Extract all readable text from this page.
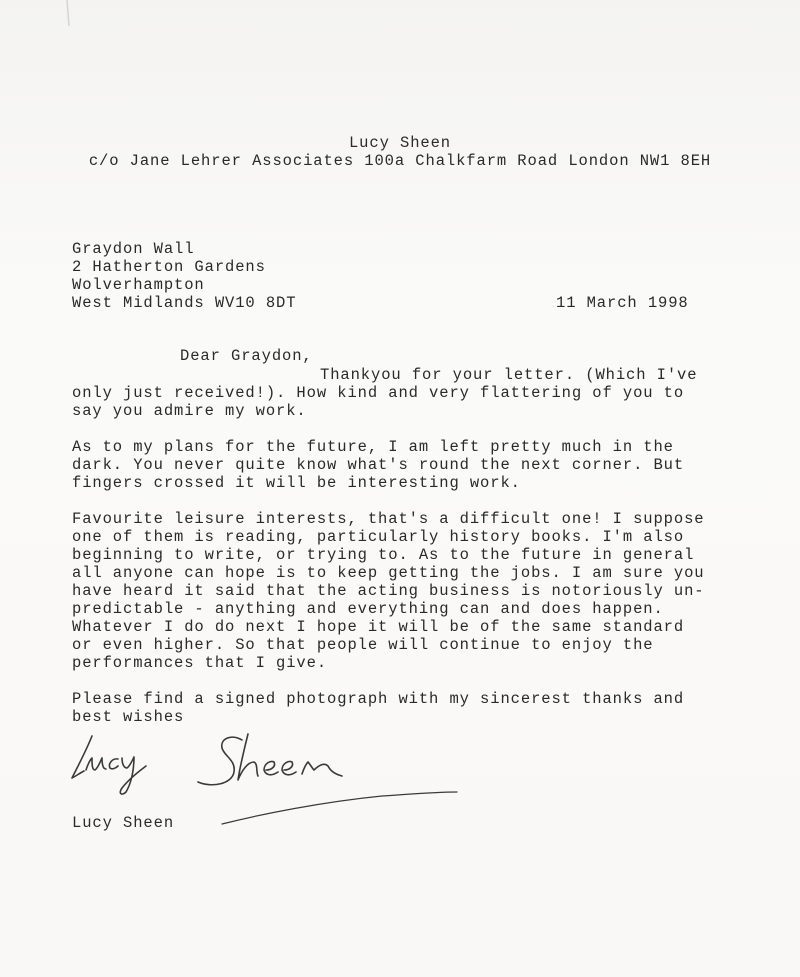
Lucy Sheen
c/o Jane Lehrer Associates 100a Chalkfarm Road London NW1 8EH
Graydon Wall
2 Hatherton Gardens
Wolverhampton
West Midlands WV10 8DT	11 March 1998
Dear Graydon,
Thankyou for your letter. (Which I've
only just received!). How kind and very flattering of you to
say you admire my work.
As to my plans for the future, I am left pretty much in the
dark. You never quite know what's round the next corner. But
fingers crossed it will be interesting work.
Favourite leisure interests, that's a difficult one! I suppose
one of them is reading, particularly history books. I'm also
beginning to write, or trying to. As to the future in general
all anyone can hope is to keep getting the jobs. I am sure you
have heard it said that the acting business is notoriously un-
predictable - anything and everything can and does happen.
Whatever I do do next I hope it will be of the same standard
or even higher. So that people will continue to enjoy the
performances that I give.
Please find a signed photograph with my sincerest thanks and
best wishes
Lucy Sheen
